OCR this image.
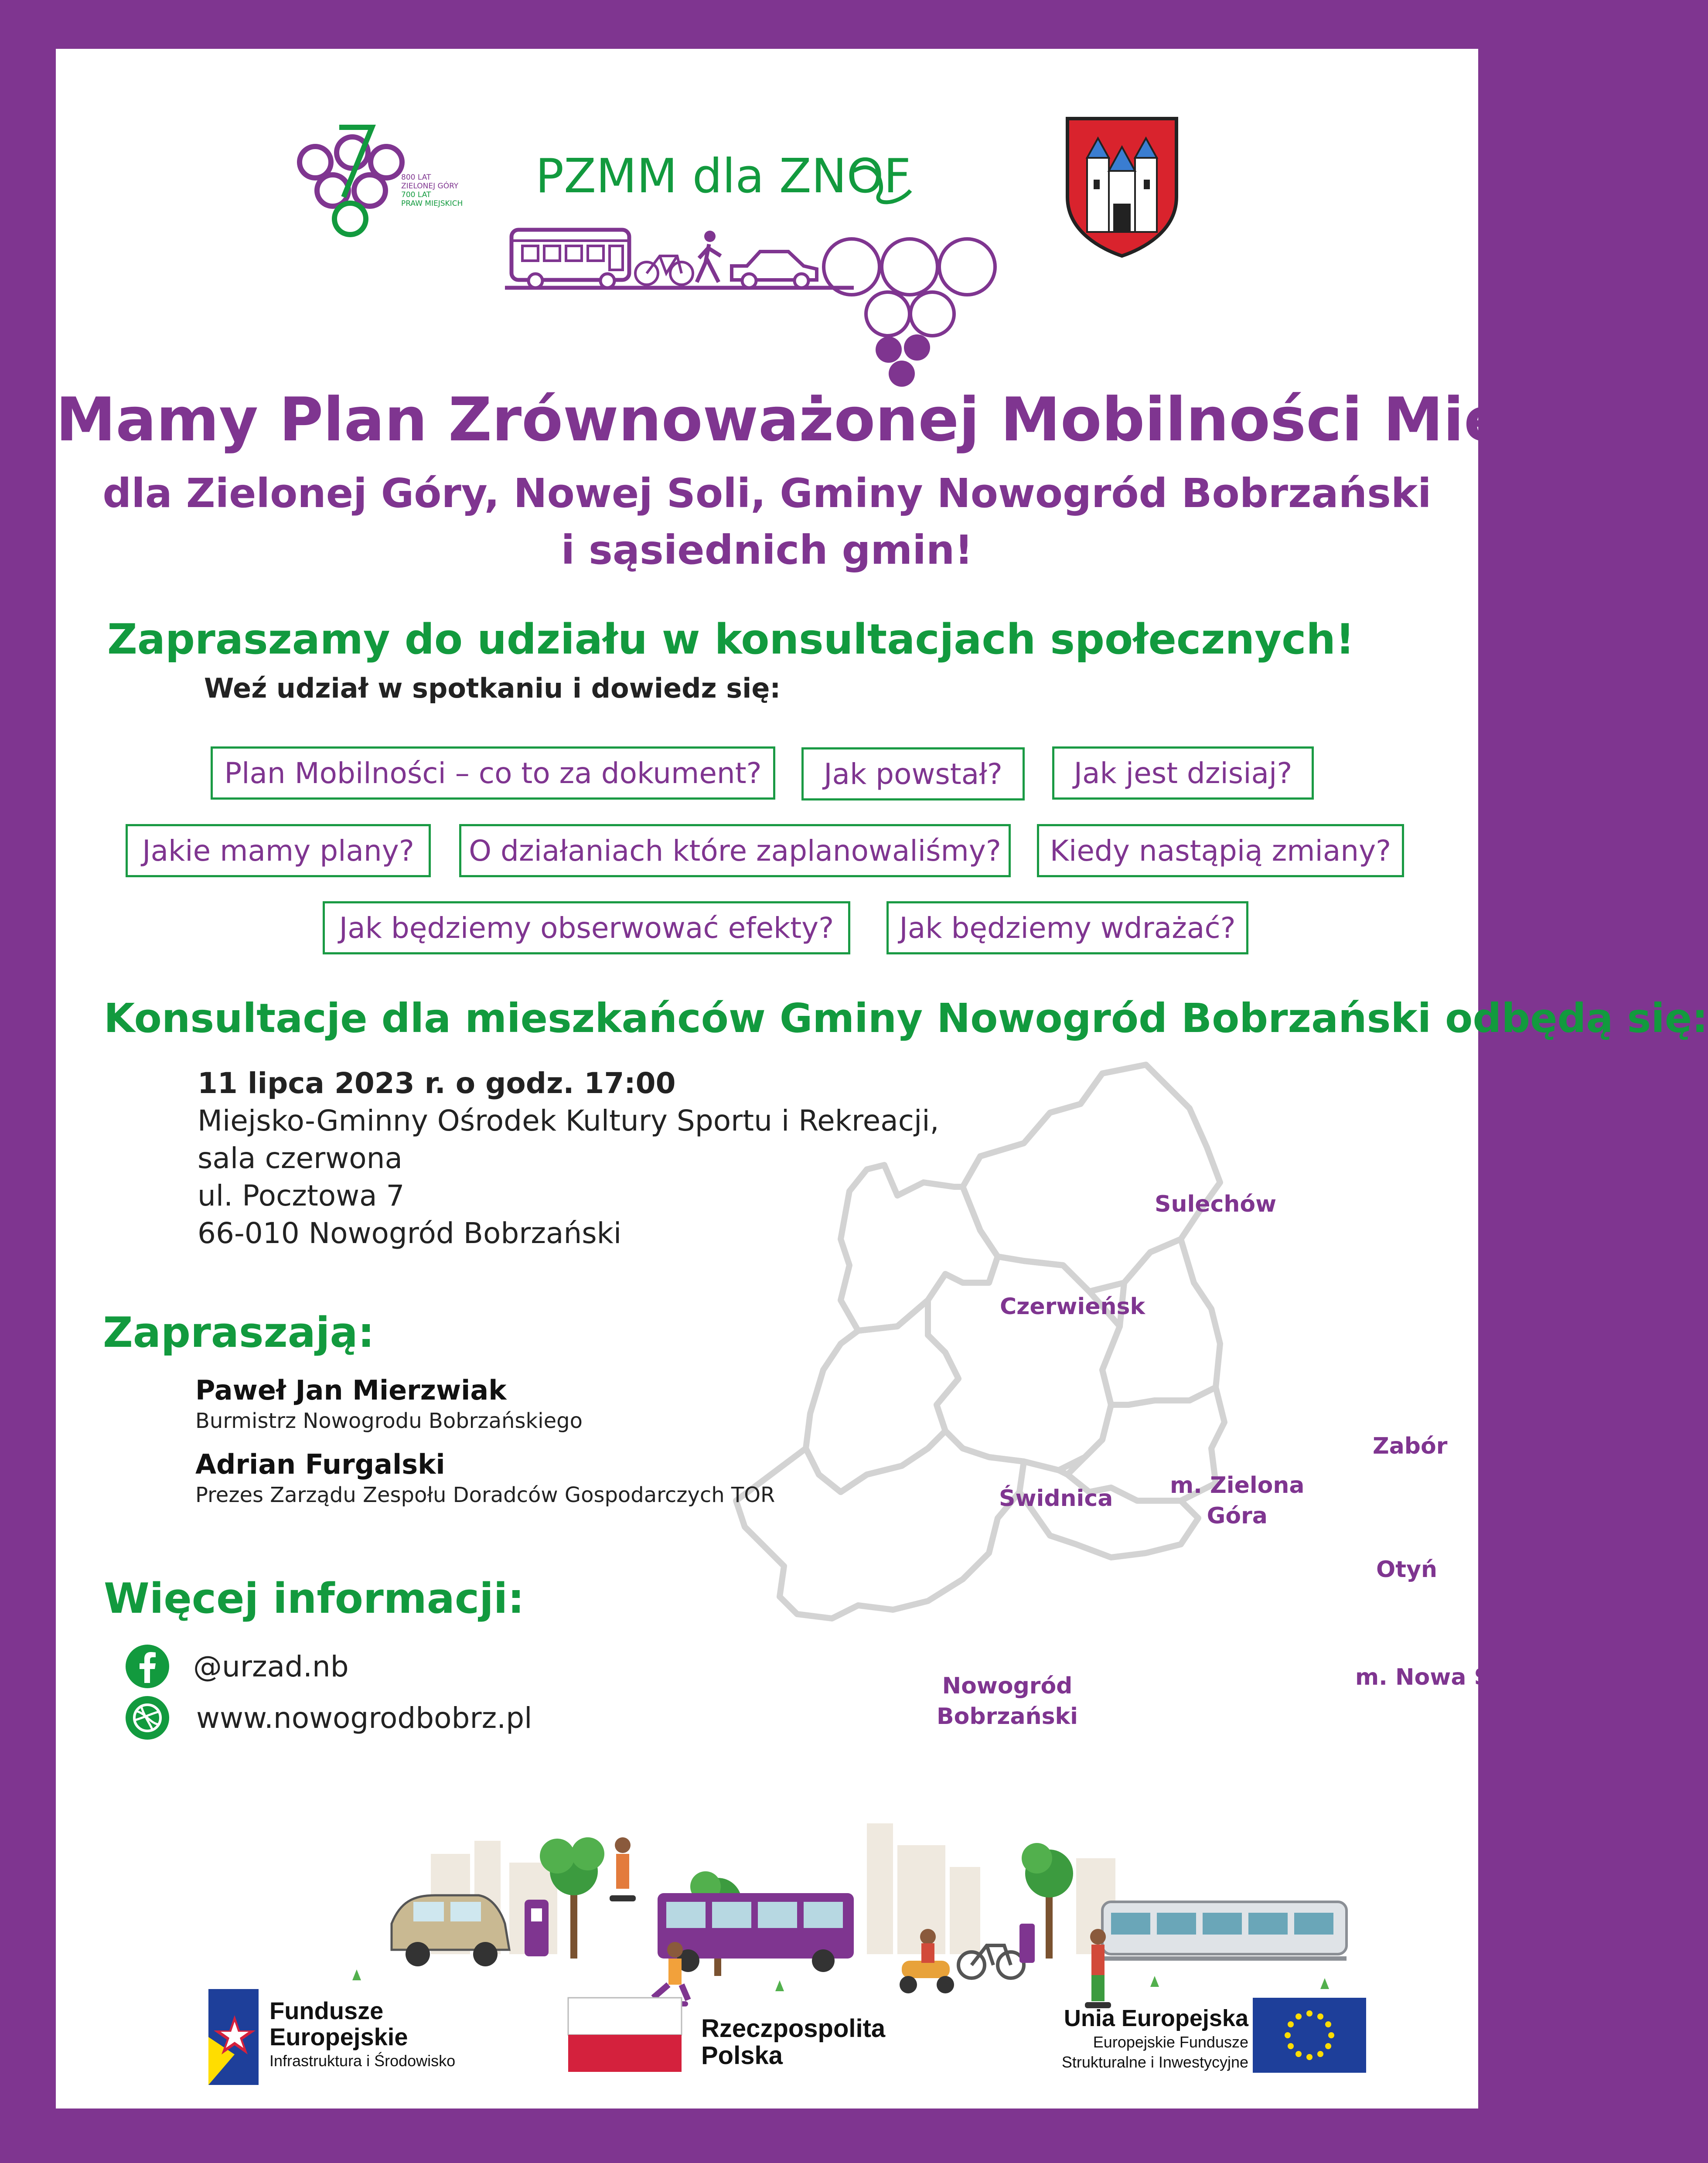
800 LAT
ZIELONEJ GÓRY
700 LAT
PRAW MIEJSKICH PZMM dla ZNOF
Mamy Plan Zrównoważonej Mobilności Miejskiej
dla Zielonej Góry, Nowej Soli, Gminy Nowogród Bobrzański
i sąsiednich gmin!
Zapraszamy do udziału w konsultacjach społecznych!
Weź udział w spotkaniu i dowiedz się:
Plan Mobilności – co to za dokument?	Jak powstał?	Jak jest dzisiaj?
Jakie mamy plany?	O działaniach które zaplanowaliśmy?	Kiedy nastąpią zmiany?
Jak będziemy obserwować efekty?	Jak będziemy wdrażać?
Konsultacje dla mieszkańców Gminy Nowogród Bobrzański odbędą się:
11 lipca 2023 r. o godz. 17:00
Miejsko-Gminny Ośrodek Kultury Sportu i Rekreacji,
sala czerwona
ul. Pocztowa 7
66-010 Nowogród Bobrzański
Sulechów
Czerwieńsk
m. Zielona
Góra
Zabór
Świdnica
Otyń
Nowogród
Bobrzański
m. Nowa Sól
Zapraszają:
Paweł Jan Mierzwiak
Burmistrz Nowogrodu Bobrzańskiego
Adrian Furgalski
Prezes Zarządu Zespołu Doradców Gospodarczych TOR
Więcej informacji:
@urzad.nb
www.nowogrodbobrz.pl
Fundusze
Europejskie
Infrastruktura i Środowisko
Rzeczpospolita
Polska
Unia Europejska
Europejskie Fundusze
Strukturalne i Inwestycyjne
